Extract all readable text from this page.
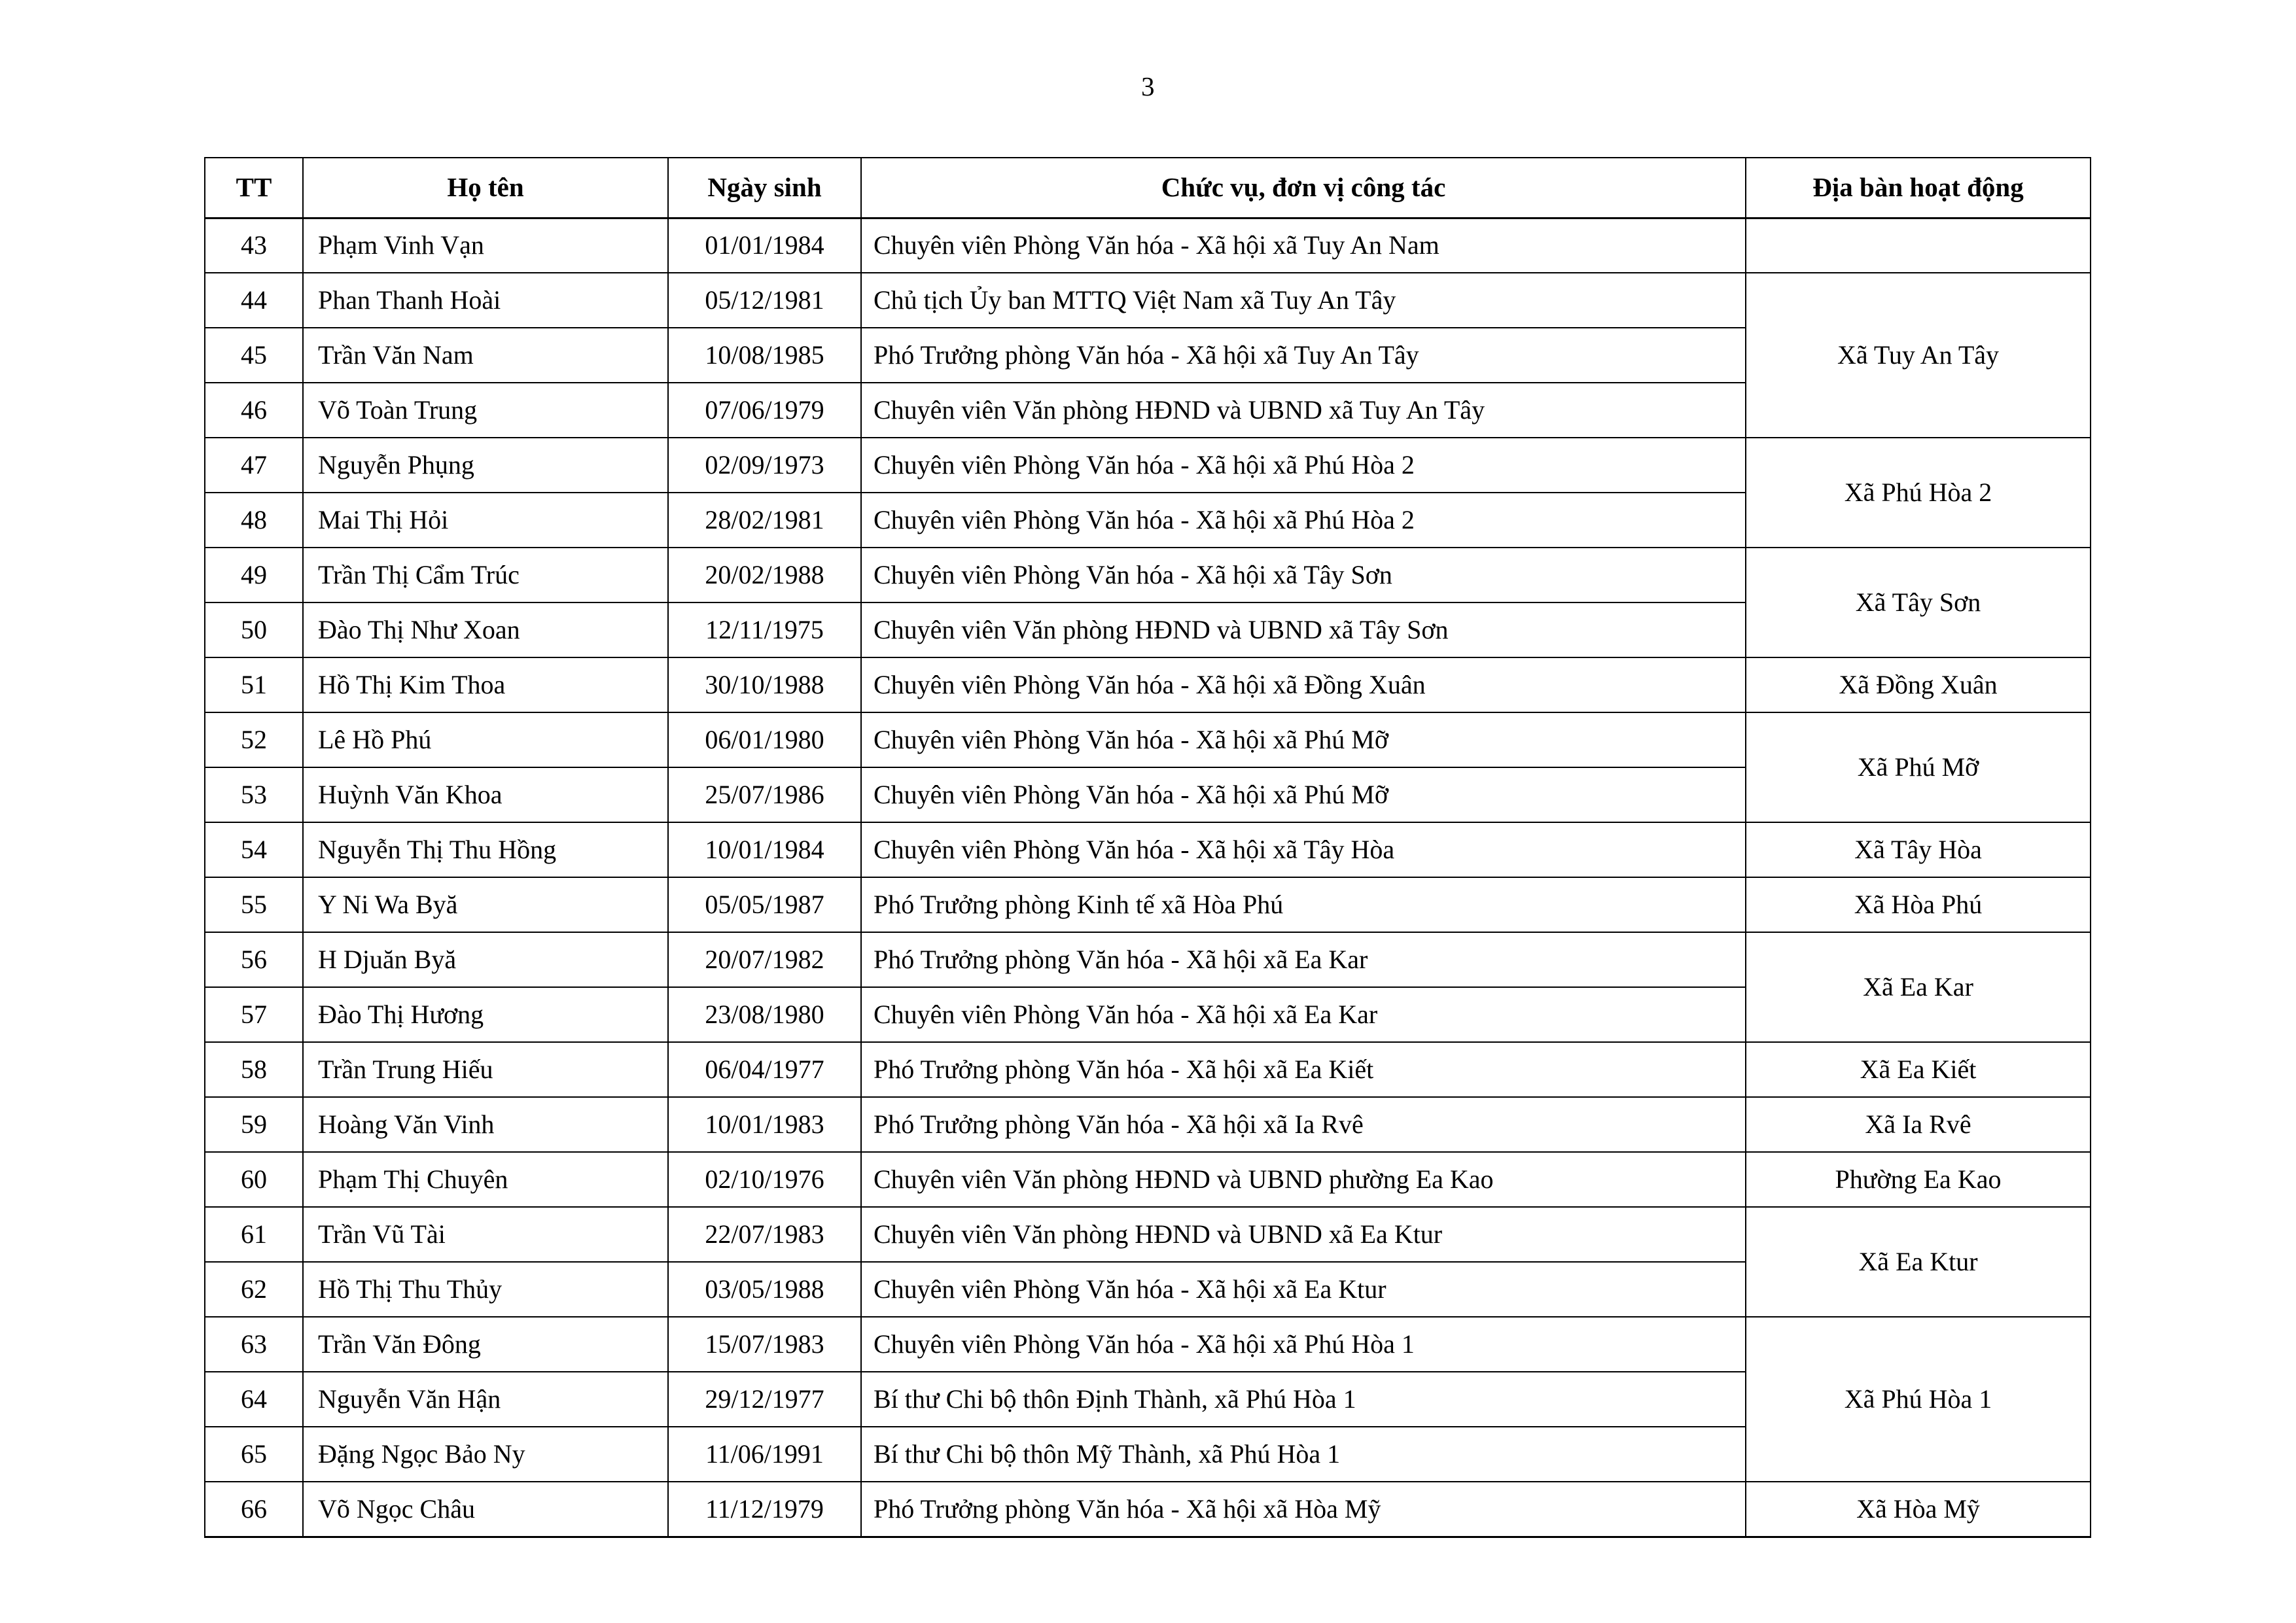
3
TT	Họ tên	Ngày sinh	Chức vụ, đơn vị công tác	Địa bàn hoạt động
43	Phạm Vinh Vạn	01/01/1984	Chuyên viên Phòng Văn hóa - Xã hội xã Tuy An Nam	
44	Phan Thanh Hoài	05/12/1981	Chủ tịch Ủy ban MTTQ Việt Nam xã Tuy An Tây	Xã Tuy An Tây
45	Trần Văn Nam	10/08/1985	Phó Trưởng phòng Văn hóa - Xã hội xã Tuy An Tây	
46	Võ Toàn Trung	07/06/1979	Chuyên viên Văn phòng HĐND và UBND xã Tuy An Tây	
47	Nguyễn Phụng	02/09/1973	Chuyên viên Phòng Văn hóa - Xã hội xã Phú Hòa 2	Xã Phú Hòa 2
48	Mai Thị Hỏi	28/02/1981	Chuyên viên Phòng Văn hóa - Xã hội xã Phú Hòa 2	
49	Trần Thị Cẩm Trúc	20/02/1988	Chuyên viên Phòng Văn hóa - Xã hội xã Tây Sơn	Xã Tây Sơn
50	Đào Thị Như Xoan	12/11/1975	Chuyên viên Văn phòng HĐND và UBND xã Tây Sơn	
51	Hồ Thị Kim Thoa	30/10/1988	Chuyên viên Phòng Văn hóa - Xã hội xã Đồng Xuân	Xã Đồng Xuân
52	Lê Hồ Phú	06/01/1980	Chuyên viên Phòng Văn hóa - Xã hội xã Phú Mỡ	Xã Phú Mỡ
53	Huỳnh Văn Khoa	25/07/1986	Chuyên viên Phòng Văn hóa - Xã hội xã Phú Mỡ	
54	Nguyễn Thị Thu Hồng	10/01/1984	Chuyên viên Phòng Văn hóa - Xã hội xã Tây Hòa	Xã Tây Hòa
55	Y Ni Wa Byă	05/05/1987	Phó Trưởng phòng Kinh tế xã Hòa Phú	Xã Hòa Phú
56	H Djuăn Byă	20/07/1982	Phó Trưởng phòng Văn hóa - Xã hội xã Ea Kar	Xã Ea Kar
57	Đào Thị Hương	23/08/1980	Chuyên viên Phòng Văn hóa - Xã hội xã Ea Kar	
58	Trần Trung Hiếu	06/04/1977	Phó Trưởng phòng Văn hóa - Xã hội xã Ea Kiết	Xã Ea Kiết
59	Hoàng Văn Vinh	10/01/1983	Phó Trưởng phòng Văn hóa - Xã hội xã Ia Rvê	Xã Ia Rvê
60	Phạm Thị Chuyên	02/10/1976	Chuyên viên Văn phòng HĐND và UBND phường Ea Kao	Phường Ea Kao
61	Trần Vũ Tài	22/07/1983	Chuyên viên Văn phòng HĐND và UBND xã Ea Ktur	Xã Ea Ktur
62	Hồ Thị Thu Thủy	03/05/1988	Chuyên viên Phòng Văn hóa - Xã hội xã Ea Ktur	
63	Trần Văn Đông	15/07/1983	Chuyên viên Phòng Văn hóa - Xã hội xã Phú Hòa 1	Xã Phú Hòa 1
64	Nguyễn Văn Hận	29/12/1977	Bí thư Chi bộ thôn Định Thành, xã Phú Hòa 1	
65	Đặng Ngọc Bảo Ny	11/06/1991	Bí thư Chi bộ thôn Mỹ Thành, xã Phú Hòa 1	
66	Võ Ngọc Châu	11/12/1979	Phó Trưởng phòng Văn hóa - Xã hội xã Hòa Mỹ	Xã Hòa Mỹ
